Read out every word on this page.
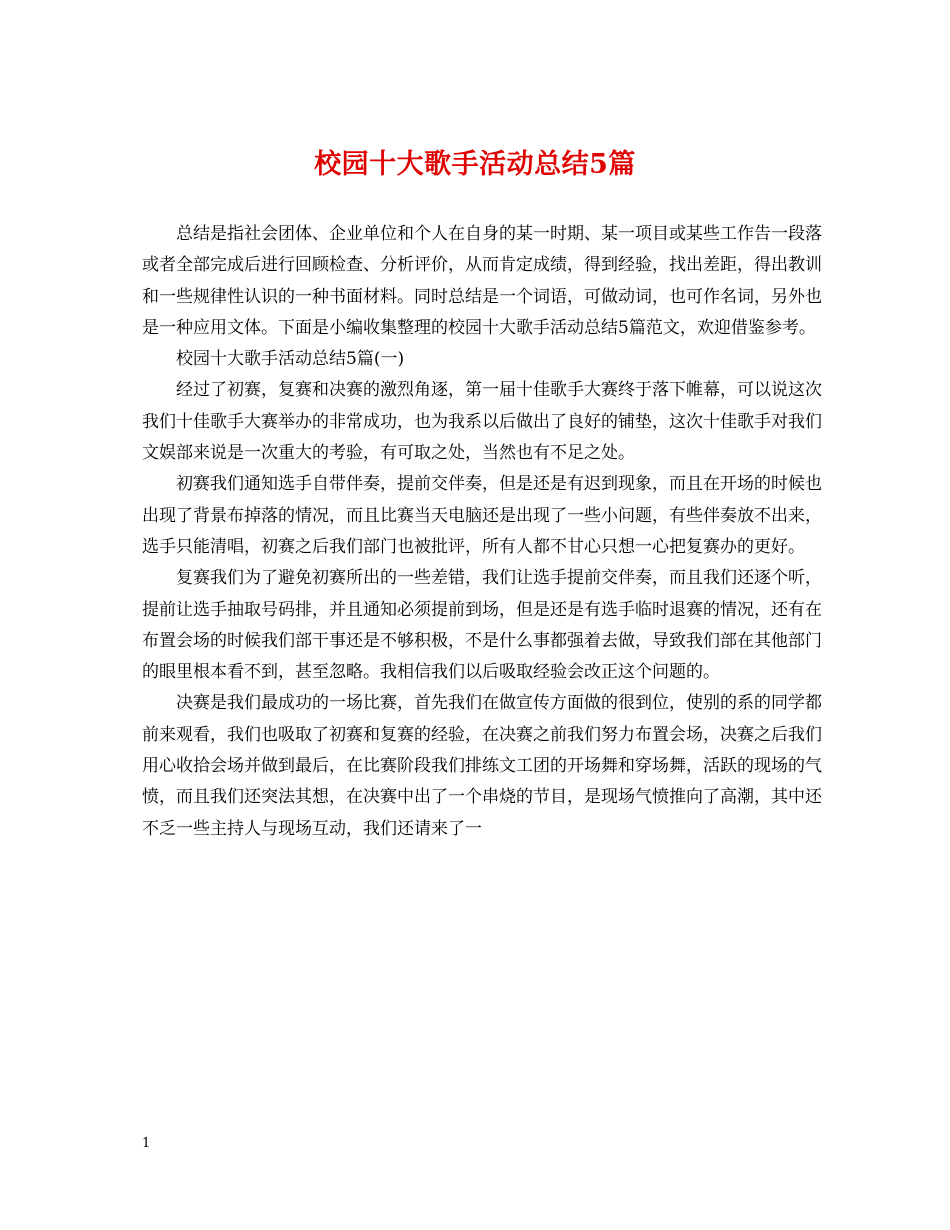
校园十大歌手活动总结5篇

总结是指社会团体、企业单位和个人在自身的某一时期、某一项目或某些工作告一段落或者全部完成后进行回顾检查、分析评价，从而肯定成绩，得到经验，找出差距，得出教训和一些规律性认识的一种书面材料。同时总结是一个词语，可做动词，也可作名词，另外也是一种应用文体。下面是小编收集整理的校园十大歌手活动总结5篇范文，欢迎借鉴参考。

校园十大歌手活动总结5篇(一)

经过了初赛，复赛和决赛的激烈角逐，第一届十佳歌手大赛终于落下帷幕，可以说这次我们十佳歌手大赛举办的非常成功，也为我系以后做出了良好的铺垫，这次十佳歌手对我们文娱部来说是一次重大的考验，有可取之处，当然也有不足之处。

初赛我们通知选手自带伴奏，提前交伴奏，但是还是有迟到现象，而且在开场的时候也出现了背景布掉落的情况，而且比赛当天电脑还是出现了一些小问题，有些伴奏放不出来，选手只能清唱，初赛之后我们部门也被批评，所有人都不甘心只想一心把复赛办的更好。

复赛我们为了避免初赛所出的一些差错，我们让选手提前交伴奏，而且我们还逐个听，提前让选手抽取号码排，并且通知必须提前到场，但是还是有选手临时退赛的情况，还有在布置会场的时候我们部干事还是不够积极，不是什么事都强着去做，导致我们部在其他部门的眼里根本看不到，甚至忽略。我相信我们以后吸取经验会改正这个问题的。

决赛是我们最成功的一场比赛，首先我们在做宣传方面做的很到位，使别的系的同学都前来观看，我们也吸取了初赛和复赛的经验，在决赛之前我们努力布置会场，决赛之后我们用心收拾会场并做到最后，在比赛阶段我们排练文工团的开场舞和穿场舞，活跃的现场的气愤，而且我们还突法其想，在决赛中出了一个串烧的节目，是现场气愤推向了高潮，其中还不乏一些主持人与现场互动，我们还请来了一

1
